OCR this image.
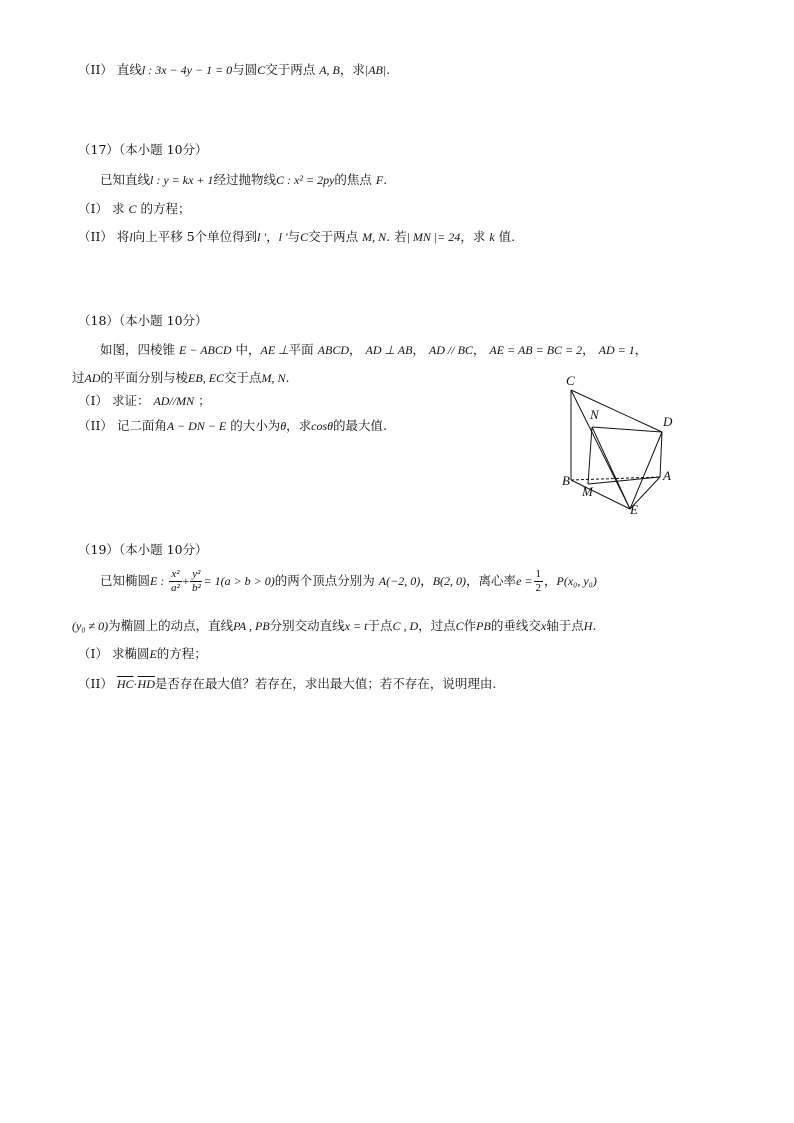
（II） 直线l : 3x − 4y − 1 = 0与圆C交于两点 A, B，求|AB|.
（17）（本小题 10分）
已知直线l : y = kx + 1经过抛物线C : x² = 2py的焦点 F.
（I） 求 C 的方程；
（II） 将l向上平移 5个单位得到l ′，l ′与C交于两点 M, N. 若| MN |= 24，求 k 值.
（18）（本小题 10分）
如图，四棱锥 E − ABCD 中，AE ⊥平面 ABCD， AD ⊥ AB， AD // BC， AE = AB = BC = 2， AD = 1，
过AD的平面分别与棱EB, EC交于点M, N.
（I） 求证： AD//MN ；
（II） 记二面角A − DN − E 的大小为θ，求cosθ的最大值.
C
N	D
B
M
A
E
（19）（本小题 10分）
已知椭圆E : $\frac{\text{x²}}{\text{a²}} + \frac{\text{y²}}{\text{b²}} = 1(a > b > 0)$的两个顶点分别为 A(−2, 0)，B(2, 0)，离心率$e = \frac{1}{2}$ ，P(x₀, y₀)
(y₀ ≠ 0)为椭圆上的动点，直线PA , PB分别交动直线x = t于点C , D，过点C作PB的垂线交x轴于点H.
（I） 求椭圆E的方程；
（II） $\overline{HC}\cdot\overline{HD}$是否存在最大值？若存在，求出最大值；若不存在，说明理由.
